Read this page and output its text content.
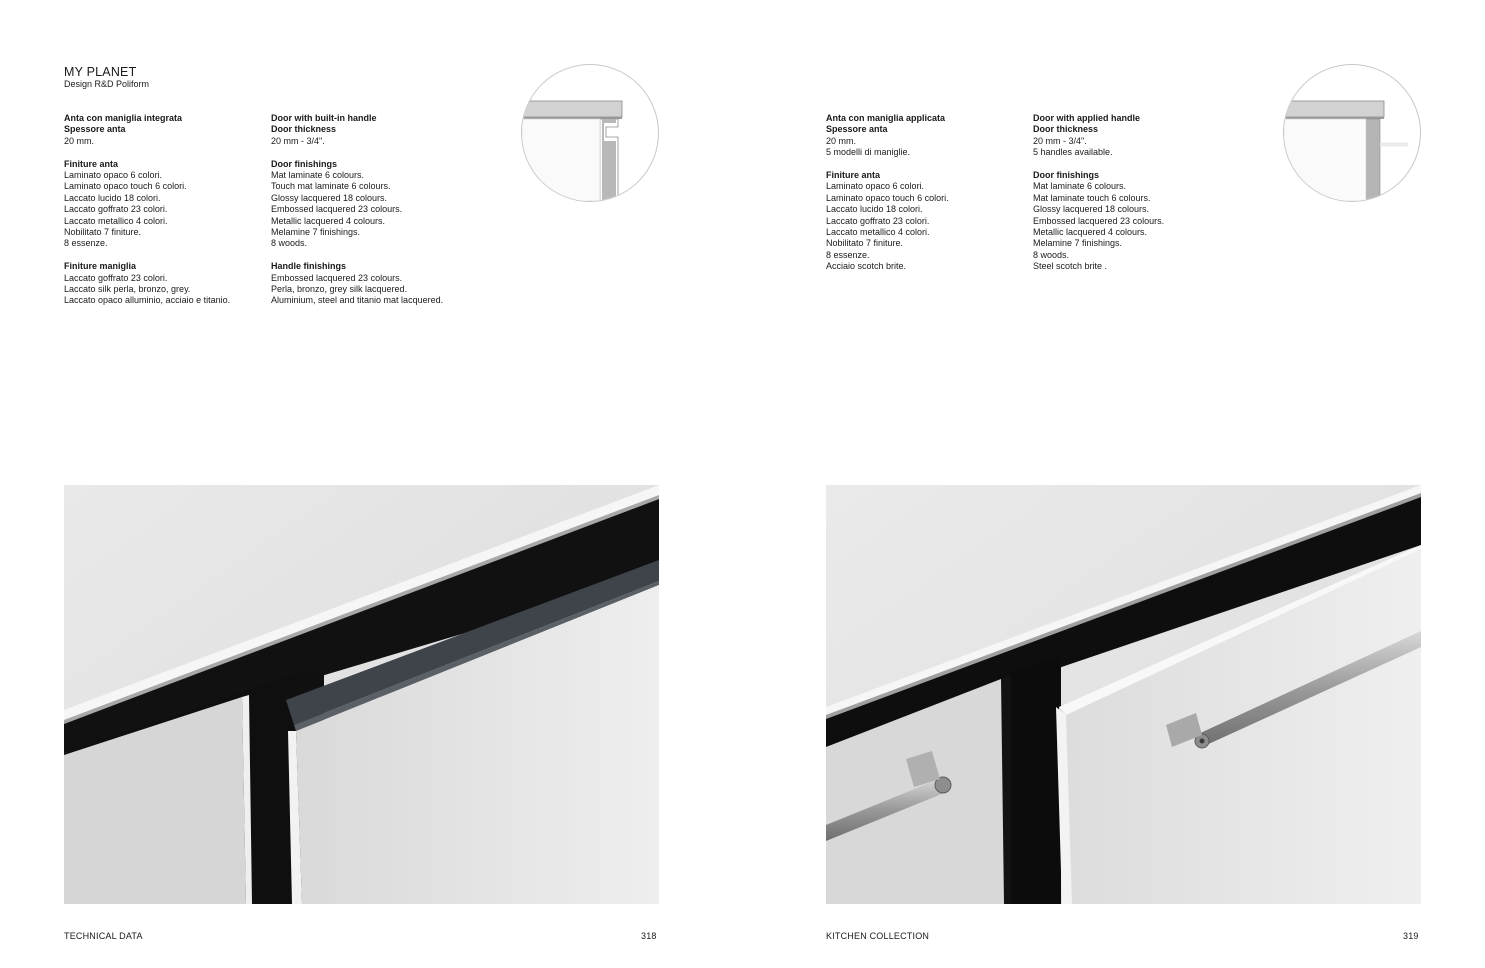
MY PLANET
Design R&D Poliform
Anta con maniglia integrata
Spessore anta
20 mm.
Finiture anta
Laminato opaco 6 colori.
Laminato opaco touch 6 colori.
Laccato lucido 18 colori.
Laccato goffrato 23 colori.
Laccato metallico 4 colori.
Nobilitato 7 finiture.
8 essenze.
Finiture maniglia
Laccato goffrato 23 colori.
Laccato silk perla, bronzo, grey.
Laccato opaco alluminio, acciaio e titanio.
Door with built-in handle
Door thickness
20 mm - 3/4".
Door finishings
Mat laminate 6 colours.
Touch mat laminate 6 colours.
Glossy lacquered 18 colours.
Embossed lacquered 23 colours.
Metallic lacquered 4 colours.
Melamine 7 finishings.
8 woods.
Handle finishings
Embossed lacquered 23 colours.
Perla, bronzo, grey silk lacquered.
Aluminium, steel and titanio mat lacquered.
TECHNICAL DATA	318
Anta con maniglia applicata
Spessore anta
20 mm.
5 modelli di maniglie.
Finiture anta
Laminato opaco 6 colori.
Laminato opaco touch 6 colori.
Laccato lucido 18 colori.
Laccato goffrato 23 colori.
Laccato metallico 4 colori.
Nobilitato 7 finiture.
8 essenze.
Acciaio scotch brite.
Door with applied handle
Door thickness
20 mm - 3/4".
5 handles available.
Door finishings
Mat laminate 6 colours.
Mat laminate touch 6 colours.
Glossy lacquered 18 colours.
Embossed lacquered 23 colours.
Metallic lacquered 4 colours.
Melamine 7 finishings.
8 woods.
Steel scotch brite .
KITCHEN COLLECTION	319
